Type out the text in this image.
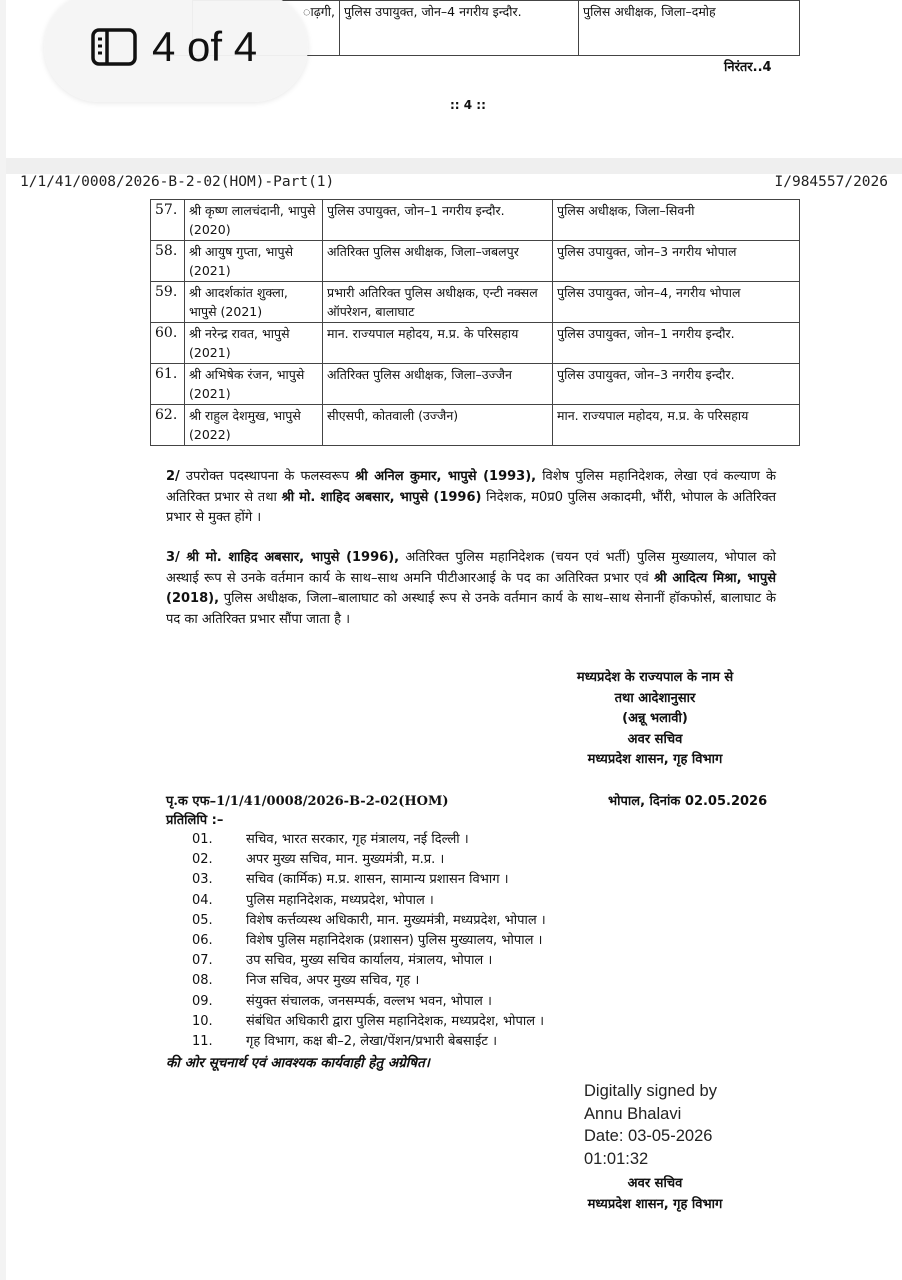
	ाढ़गी,	पुलिस उपायुक्त, जोन–4 नगरीय इन्दौर.	पुलिस अधीक्षक, जिला–दमोह
निरंतर..4
:: 4 ::
4 of 4
1/1/41/0008/2026-B-2-02(HOM)-Part(1)	I/984557/2026
57.	श्री कृष्ण लालचंदानी, भापुसे (2020)	पुलिस उपायुक्त, जोन–1 नगरीय इन्दौर.	पुलिस अधीक्षक, जिला–सिवनी
58.	श्री आयुष गुप्ता, भापुसे (2021)	अतिरिक्त पुलिस अधीक्षक, जिला–जबलपुर	पुलिस उपायुक्त, जोन–3 नगरीय भोपाल
59.	श्री आदर्शकांत शुक्ला, भापुसे (2021)	प्रभारी अतिरिक्त पुलिस अधीक्षक, एन्टी नक्सल ऑपरेशन, बालाघाट	पुलिस उपायुक्त, जोन–4, नगरीय भोपाल
60.	श्री नरेन्द्र रावत, भापुसे (2021)	मान. राज्यपाल महोदय, म.प्र. के परिसहाय	पुलिस उपायुक्त, जोन–1 नगरीय इन्दौर.
61.	श्री अभिषेक रंजन, भापुसे (2021)	अतिरिक्त पुलिस अधीक्षक, जिला–उज्जैन	पुलिस उपायुक्त, जोन–3 नगरीय इन्दौर.
62.	श्री राहुल देशमुख, भापुसे (2022)	सीएसपी, कोतवाली (उज्जैन)	मान. राज्यपाल महोदय, म.प्र. के परिसहाय
2/ उपरोक्त पदस्थापना के फलस्वरूप श्री अनिल कुमार, भापुसे (1993), विशेष पुलिस महानिदेशक, लेखा एवं कल्याण के अतिरिक्त प्रभार से तथा श्री मो. शाहिद अबसार, भापुसे (1996) निदेशक, म0प्र0 पुलिस अकादमी, भौंरी, भोपाल के अतिरिक्त प्रभार से मुक्त होंगे ।
3/ श्री मो. शाहिद अबसार, भापुसे (1996), अतिरिक्त पुलिस महानिदेशक (चयन एवं भर्ती) पुलिस मुख्यालय, भोपाल को अस्थाई रूप से उनके वर्तमान कार्य के साथ–साथ अमनि पीटीआरआई के पद का अतिरिक्त प्रभार एवं श्री आदित्य मिश्रा, भापुसे (2018), पुलिस अधीक्षक, जिला–बालाघाट को अस्थाई रूप से उनके वर्तमान कार्य के साथ–साथ सेनानीं हॉकफोर्स, बालाघाट के पद का अतिरिक्त प्रभार सौंपा जाता है ।
मध्यप्रदेश के राज्यपाल के नाम से
तथा आदेशानुसार
(अन्नू भलावी)
अवर सचिव
मध्यप्रदेश शासन, गृह विभाग
पृ.क एफ–1/1/41/0008/2026-B-2-02(HOM)	भोपाल, दिनांक 02.05.2026
प्रतिलिपि :–
01.	सचिव, भारत सरकार, गृह मंत्रालय, नई दिल्ली ।
02.	अपर मुख्य सचिव, मान. मुख्यमंत्री, म.प्र. ।
03.	सचिव (कार्मिक) म.प्र. शासन, सामान्य प्रशासन विभाग ।
04.	पुलिस महानिदेशक, मध्यप्रदेश, भोपाल ।
05.	विशेष कर्त्तव्यस्थ अधिकारी, मान. मुख्यमंत्री, मध्यप्रदेश, भोपाल ।
06.	विशेष पुलिस महानिदेशक (प्रशासन) पुलिस मुख्यालय, भोपाल ।
07.	उप सचिव, मुख्य सचिव कार्यालय, मंत्रालय, भोपाल ।
08.	निज सचिव, अपर मुख्य सचिव, गृह ।
09.	संयुक्त संचालक, जनसम्पर्क, वल्लभ भवन, भोपाल ।
10.	संबंधित अधिकारी द्वारा पुलिस महानिदेशक, मध्यप्रदेश, भोपाल ।
11.	गृह विभाग, कक्ष बी–2, लेखा/पेंशन/प्रभारी बेबसाईट ।
की ओर सूचनार्थ एवं आवश्यक कार्यवाही हेतु अग्रेषित।
Digitally signed by
Annu Bhalavi
Date: 03-05-2026
01:01:32
अवर सचिव
मध्यप्रदेश शासन, गृह विभाग
